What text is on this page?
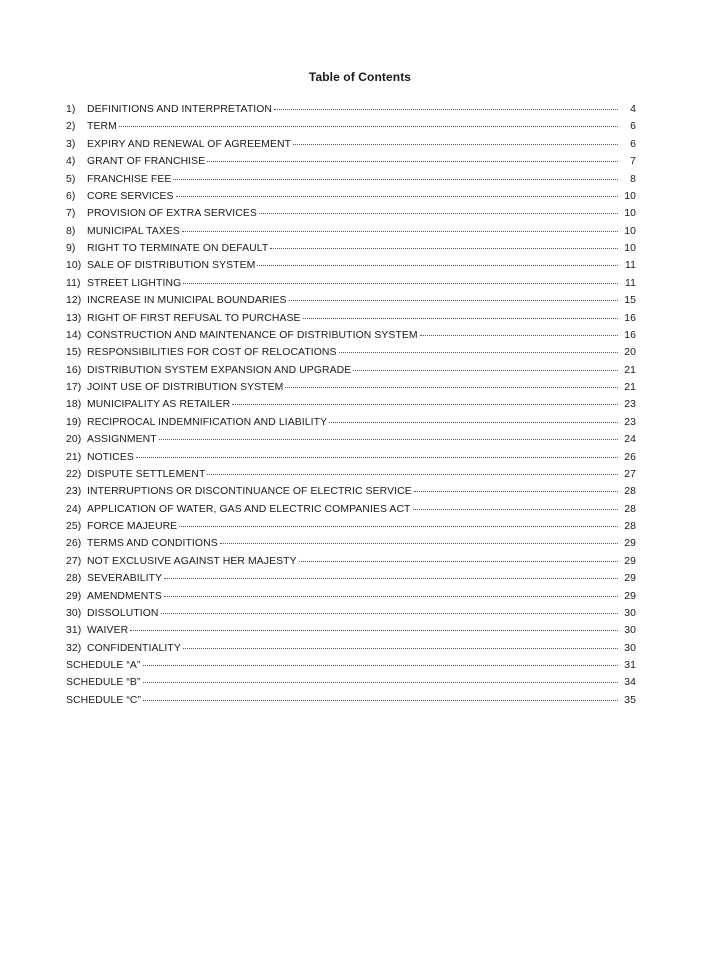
Table of Contents
1)	DEFINITIONS AND INTERPRETATION	4
2)	TERM	6
3)	EXPIRY AND RENEWAL OF AGREEMENT	6
4)	GRANT OF FRANCHISE	7
5)	FRANCHISE FEE	8
6)	CORE SERVICES	10
7)	PROVISION OF EXTRA SERVICES	10
8)	MUNICIPAL TAXES	10
9)	RIGHT TO TERMINATE ON DEFAULT	10
10) SALE OF DISTRIBUTION SYSTEM	11
11) STREET LIGHTING	11
12) INCREASE IN MUNICIPAL BOUNDARIES	15
13) RIGHT OF FIRST REFUSAL TO PURCHASE	16
14) CONSTRUCTION AND MAINTENANCE OF DISTRIBUTION SYSTEM	16
15) RESPONSIBILITIES FOR COST OF RELOCATIONS	20
16) DISTRIBUTION SYSTEM EXPANSION AND UPGRADE	21
17) JOINT USE OF DISTRIBUTION SYSTEM	21
18) MUNICIPALITY AS RETAILER	23
19) RECIPROCAL INDEMNIFICATION AND LIABILITY	23
20) ASSIGNMENT	24
21) NOTICES	26
22) DISPUTE SETTLEMENT	27
23) INTERRUPTIONS OR DISCONTINUANCE OF ELECTRIC SERVICE	28
24) APPLICATION OF WATER, GAS AND ELECTRIC COMPANIES ACT	28
25) FORCE MAJEURE	28
26) TERMS AND CONDITIONS	29
27) NOT EXCLUSIVE AGAINST HER MAJESTY	29
28) SEVERABILITY	29
29) AMENDMENTS	29
30) DISSOLUTION	30
31) WAIVER	30
32) CONFIDENTIALITY	30
SCHEDULE “A”	31
SCHEDULE “B”	34
SCHEDULE “C”	35
